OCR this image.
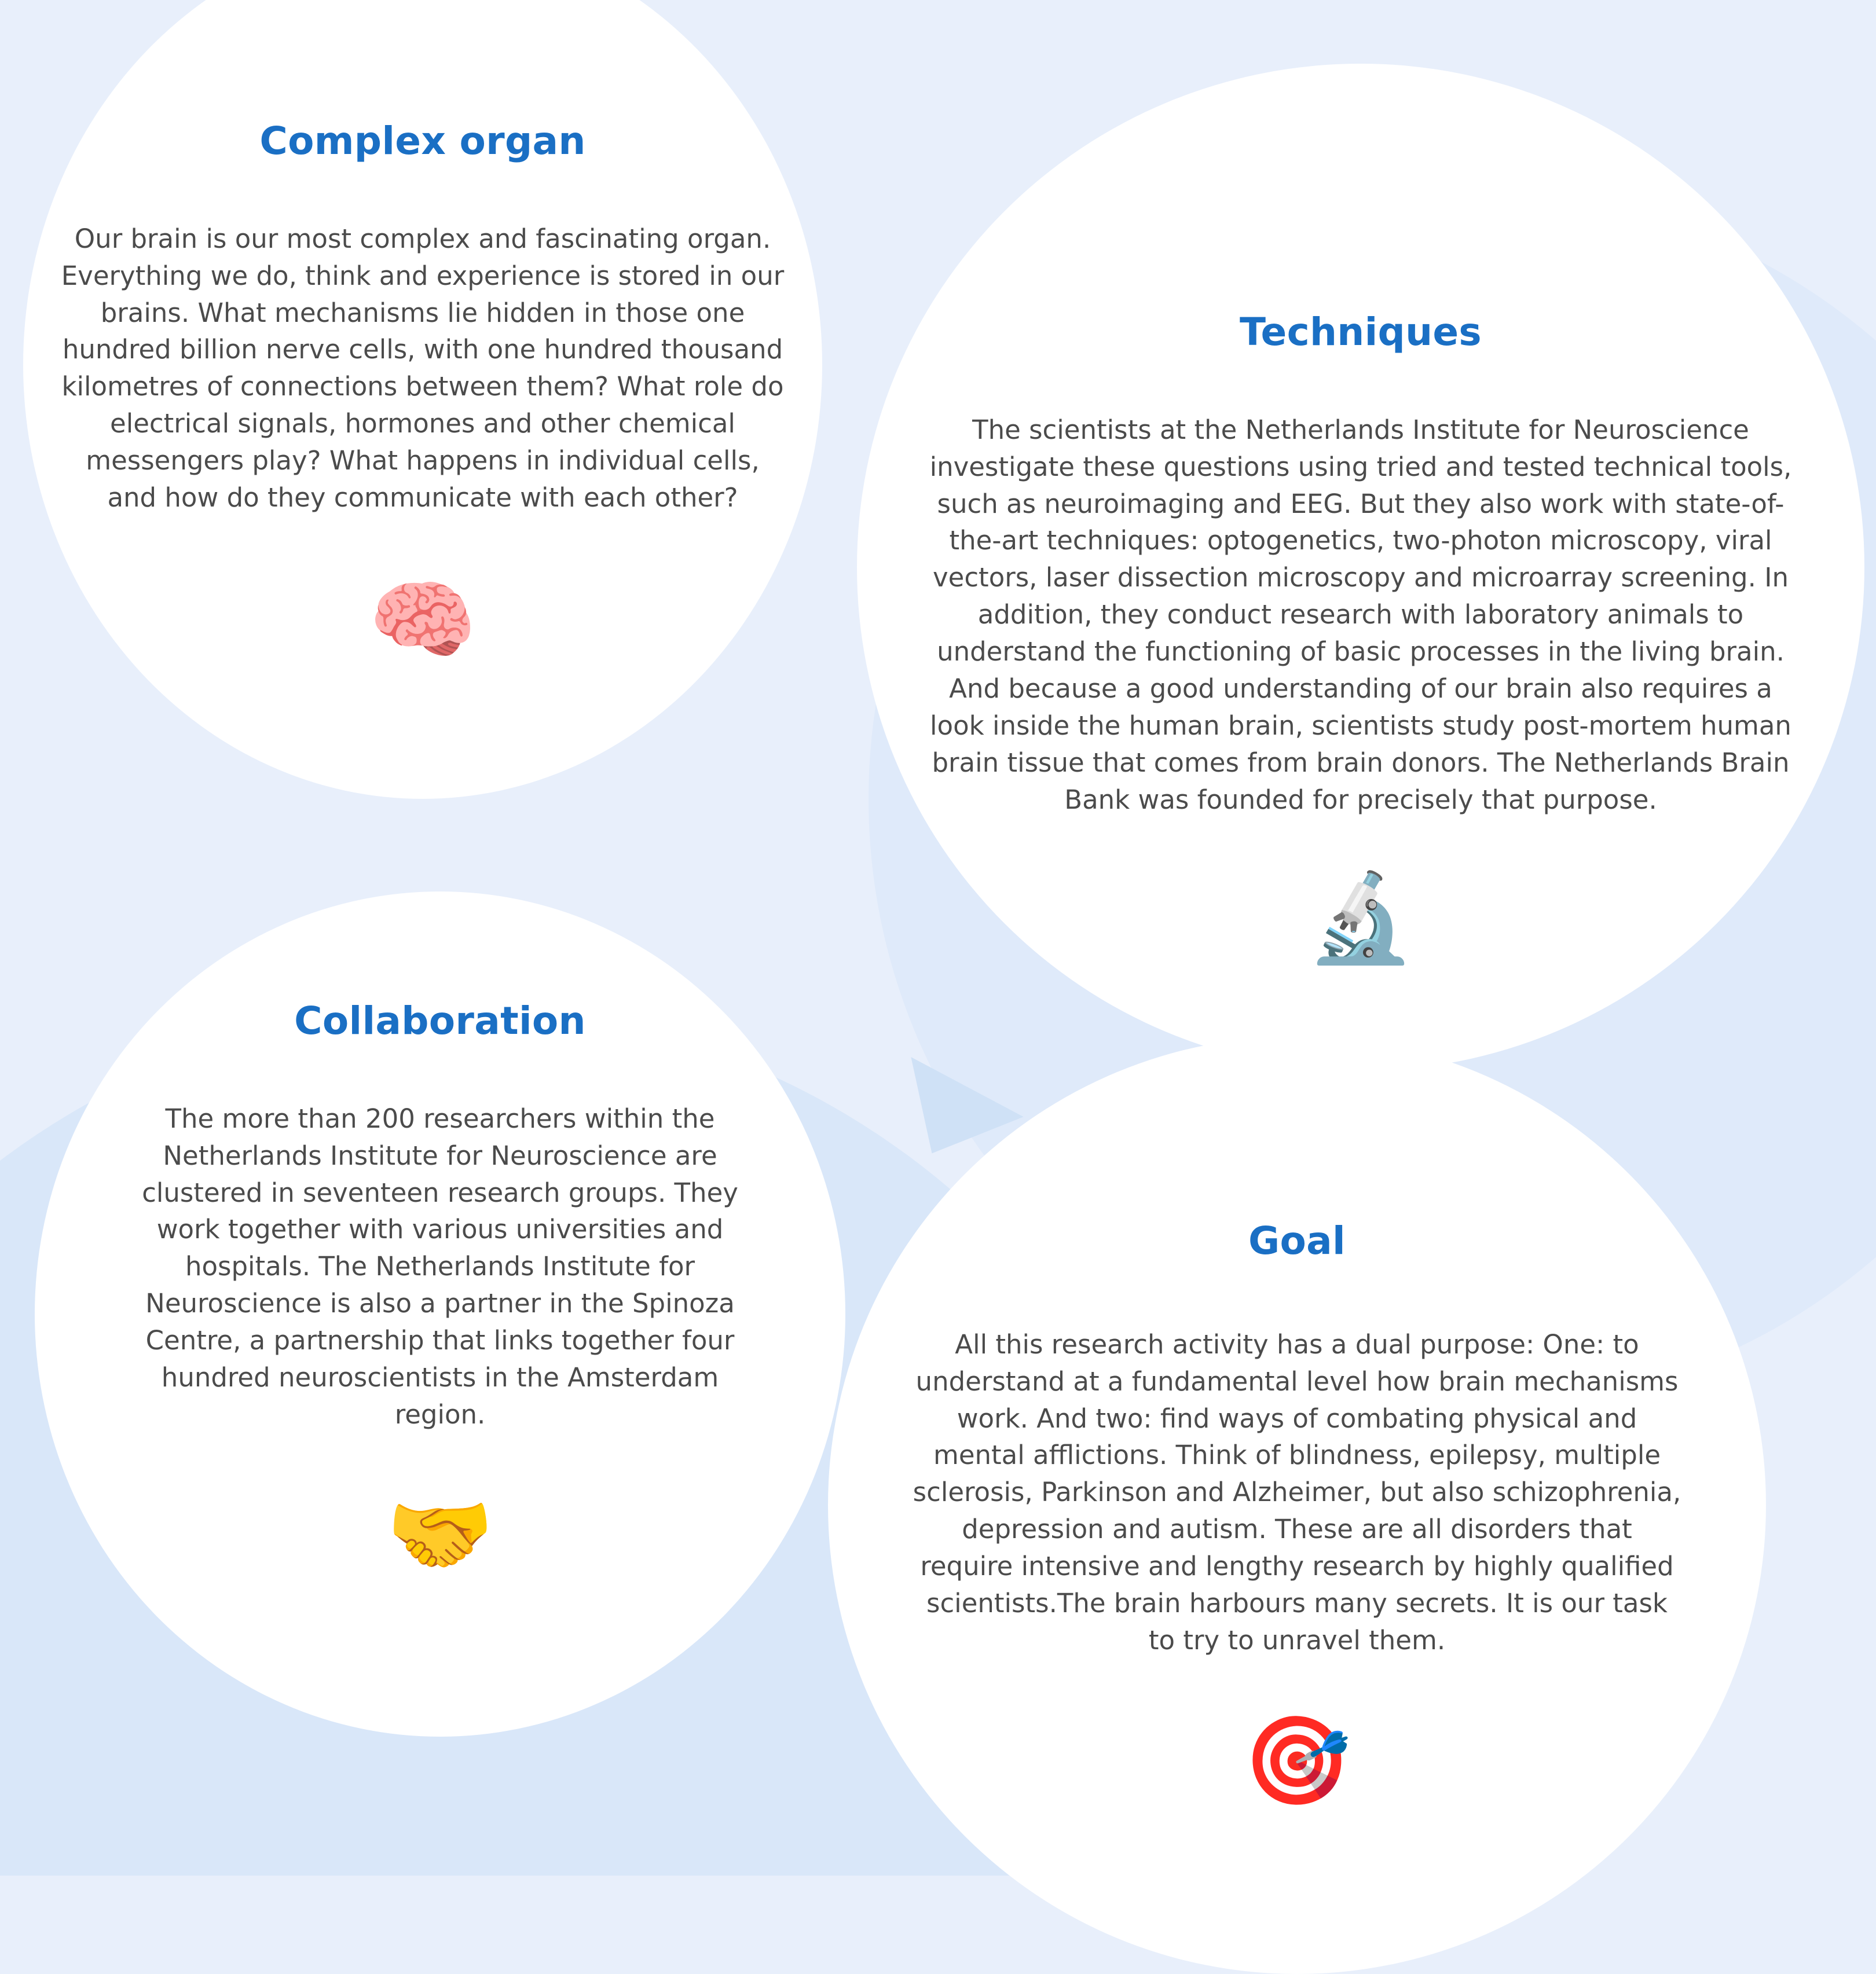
Complex organ

Our brain is our most complex and fascinating organ. Everything we do, think and experience is stored in our brains. What mechanisms lie hidden in those one hundred billion nerve cells, with one hundred thousand kilometres of connections between them? What role do electrical signals, hormones and other chemical messengers play? What happens in individual cells, and how do they communicate with each other?

🧠
Techniques

The scientists at the Netherlands Institute for Neuroscience investigate these questions using tried and tested technical tools, such as neuroimaging and EEG. But they also work with state-of-the-art techniques: optogenetics, two-photon microscopy, viral vectors, laser dissection microscopy and microarray screening. In addition, they conduct research with laboratory animals to understand the functioning of basic processes in the living brain. And because a good understanding of our brain also requires a look inside the human brain, scientists study post-mortem human brain tissue that comes from brain donors. The Netherlands Brain Bank was founded for precisely that purpose.

🔬
Collaboration

The more than 200 researchers within the Netherlands Institute for Neuroscience are clustered in seventeen research groups. They work together with various universities and hospitals. The Netherlands Institute for Neuroscience is also a partner in the Spinoza Centre, a partnership that links together four hundred neuroscientists in the Amsterdam region.

🤝
Goal

All this research activity has a dual purpose: One: to understand at a fundamental level how brain mechanisms work. And two: find ways of combating physical and mental afflictions. Think of blindness, epilepsy, multiple sclerosis, Parkinson and Alzheimer, but also schizophrenia, depression and autism. These are all disorders that require intensive and lengthy research by highly qualified scientists.The brain harbours many secrets. It is our task to try to unravel them.

🎯
